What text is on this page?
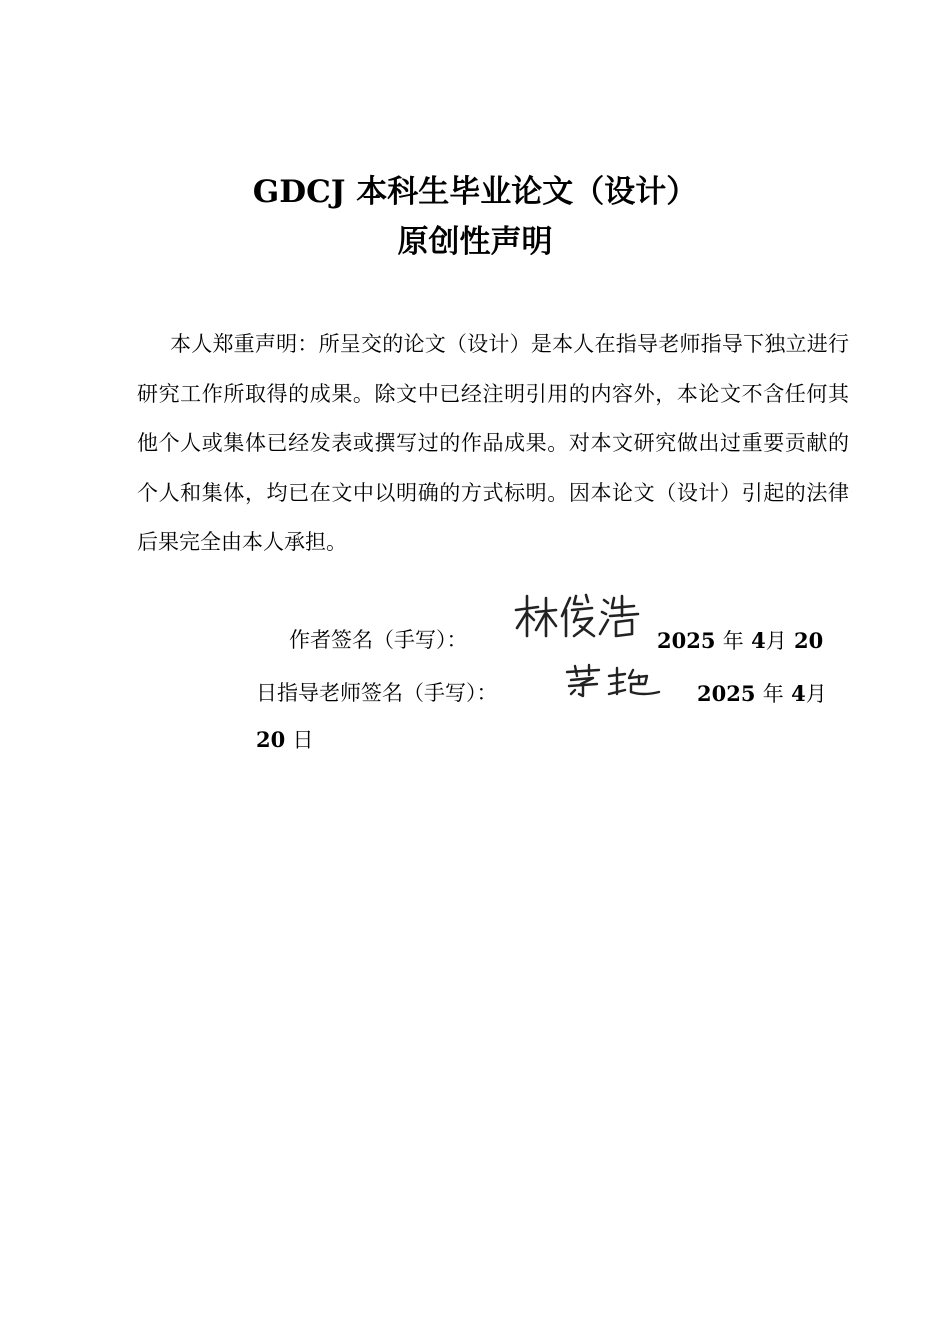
GDCJ 本科生毕业论文（设计）
原创性声明

本人郑重声明：所呈交的论文（设计）是本人在指导老师指导下独立进行研究工作所取得的成果。除文中已经注明引用的内容外，本论文不含任何其他个人或集体已经发表或撰写过的作品成果。对本文研究做出过重要贡献的个人和集体，均已在文中以明确的方式标明。因本论文（设计）引起的法律后果完全由本人承担。

作者签名（手写）：	2025 年 4月 20
日指导老师签名（手写）：	2025 年 4月
20 日
